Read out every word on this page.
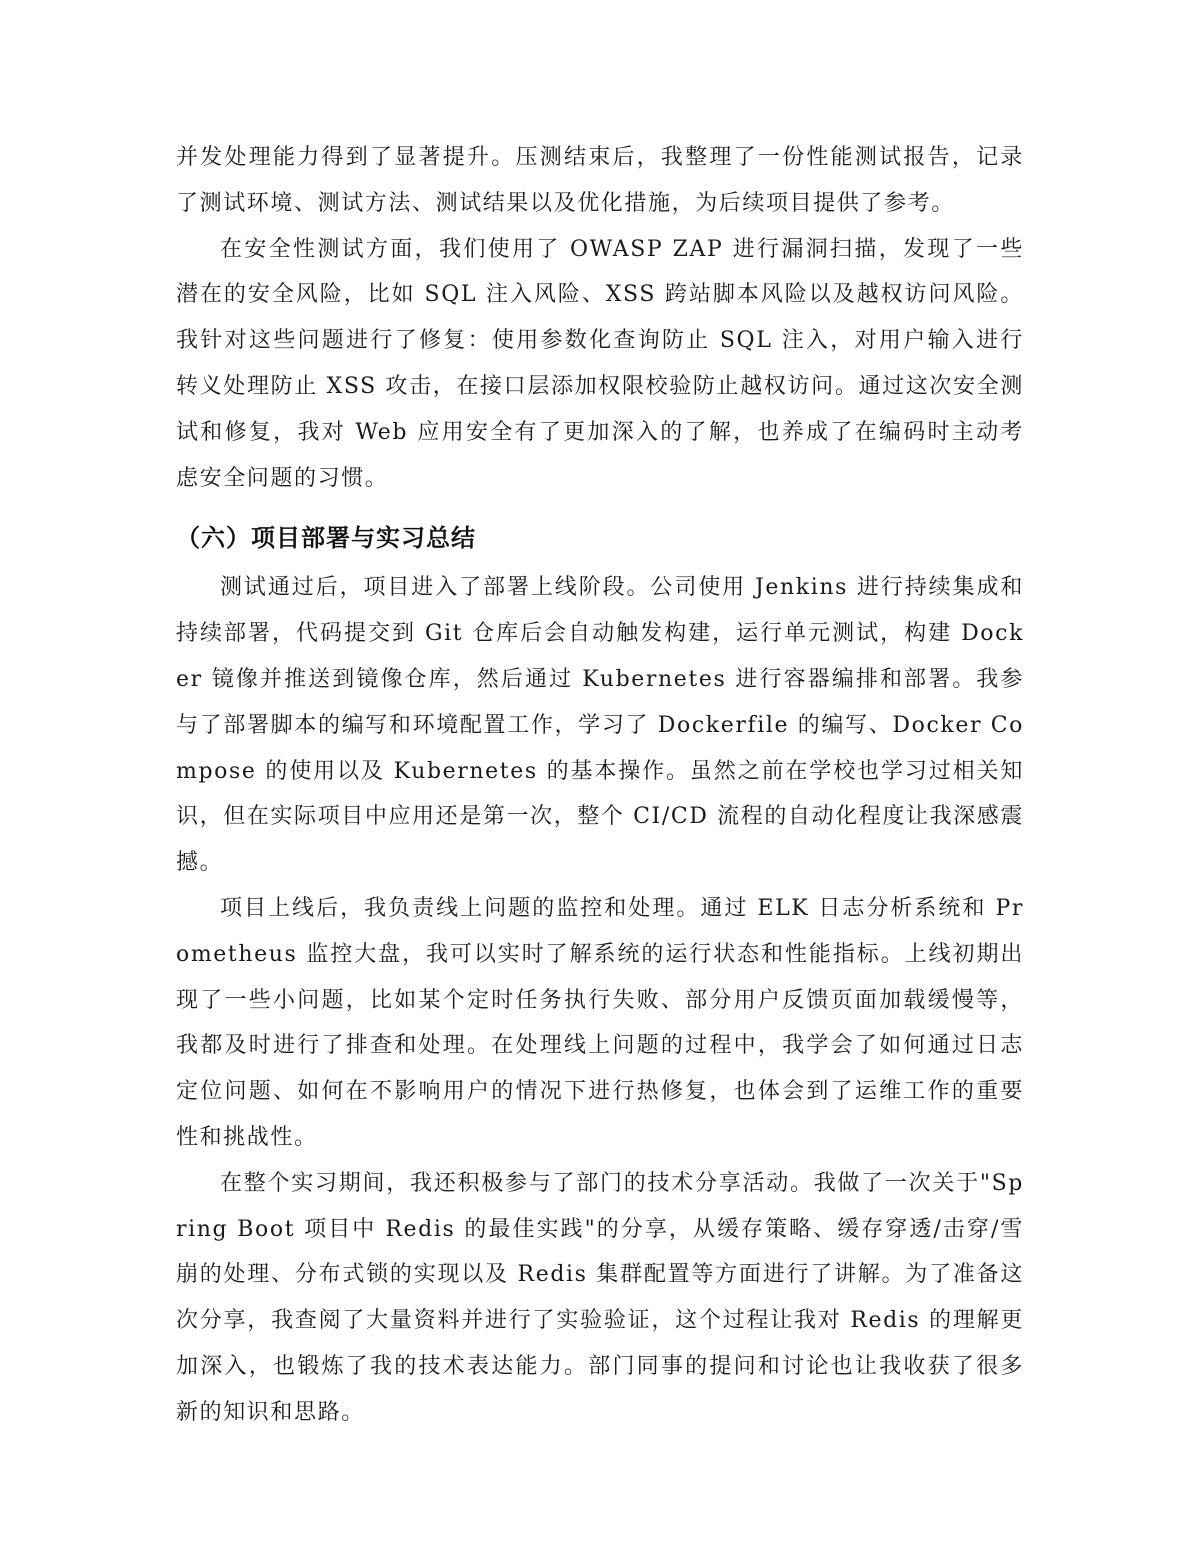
并发处理能力得到了显著提升。压测结束后，我整理了一份性能测试报告，记录了测试环境、测试方法、测试结果以及优化措施，为后续项目提供了参考。

在安全性测试方面，我们使用了 OWASP ZAP 进行漏洞扫描，发现了一些潜在的安全风险，比如 SQL 注入风险、XSS 跨站脚本风险以及越权访问风险。我针对这些问题进行了修复：使用参数化查询防止 SQL 注入，对用户输入进行转义处理防止 XSS 攻击，在接口层添加权限校验防止越权访问。通过这次安全测试和修复，我对 Web 应用安全有了更加深入的了解，也养成了在编码时主动考虑安全问题的习惯。

（六）项目部署与实习总结

测试通过后，项目进入了部署上线阶段。公司使用 Jenkins 进行持续集成和持续部署，代码提交到 Git 仓库后会自动触发构建，运行单元测试，构建 Docker 镜像并推送到镜像仓库，然后通过 Kubernetes 进行容器编排和部署。我参与了部署脚本的编写和环境配置工作，学习了 Dockerfile 的编写、Docker Compose 的使用以及 Kubernetes 的基本操作。虽然之前在学校也学习过相关知识，但在实际项目中应用还是第一次，整个 CI/CD 流程的自动化程度让我深感震撼。

项目上线后，我负责线上问题的监控和处理。通过 ELK 日志分析系统和 Prometheus 监控大盘，我可以实时了解系统的运行状态和性能指标。上线初期出现了一些小问题，比如某个定时任务执行失败、部分用户反馈页面加载缓慢等，我都及时进行了排查和处理。在处理线上问题的过程中，我学会了如何通过日志定位问题、如何在不影响用户的情况下进行热修复，也体会到了运维工作的重要性和挑战性。

在整个实习期间，我还积极参与了部门的技术分享活动。我做了一次关于"Spring Boot 项目中 Redis 的最佳实践"的分享，从缓存策略、缓存穿透/击穿/雪崩的处理、分布式锁的实现以及 Redis 集群配置等方面进行了讲解。为了准备这次分享，我查阅了大量资料并进行了实验验证，这个过程让我对 Redis 的理解更加深入，也锻炼了我的技术表达能力。部门同事的提问和讨论也让我收获了很多新的知识和思路。
